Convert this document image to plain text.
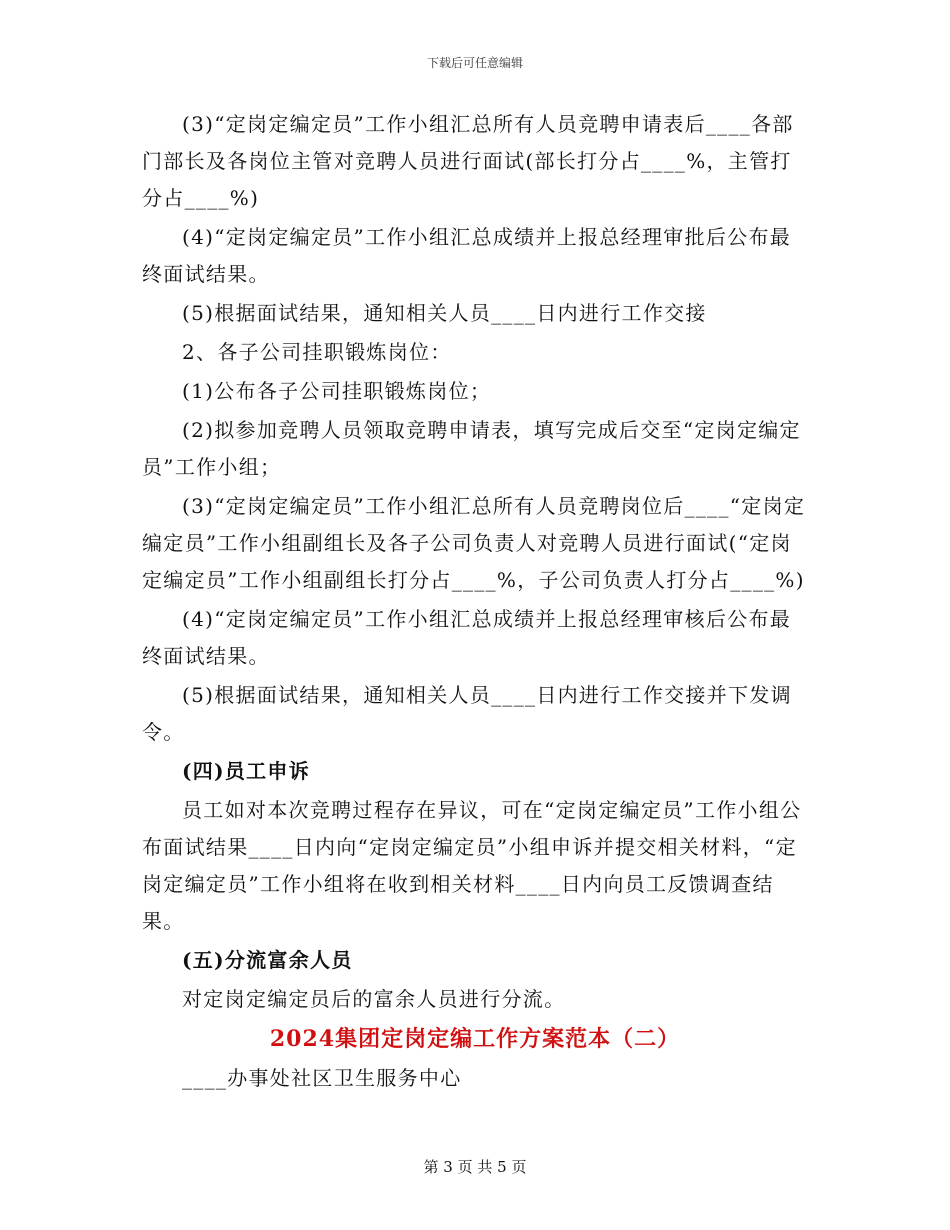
下载后可任意编辑

(3)“定岗定编定员”工作小组汇总所有人员竞聘申请表后____各部门部长及各岗位主管对竞聘人员进行面试(部长打分占____%，主管打分占____%)

(4)“定岗定编定员”工作小组汇总成绩并上报总经理审批后公布最终面试结果。

(5)根据面试结果，通知相关人员____日内进行工作交接

2、各子公司挂职锻炼岗位：

(1)公布各子公司挂职锻炼岗位；

(2)拟参加竞聘人员领取竞聘申请表，填写完成后交至“定岗定编定员”工作小组；

(3)“定岗定编定员”工作小组汇总所有人员竞聘岗位后____“定岗定编定员”工作小组副组长及各子公司负责人对竞聘人员进行面试(“定岗定编定员”工作小组副组长打分占____%，子公司负责人打分占____%)

(4)“定岗定编定员”工作小组汇总成绩并上报总经理审核后公布最终面试结果。

(5)根据面试结果，通知相关人员____日内进行工作交接并下发调令。

(四)员工申诉

员工如对本次竞聘过程存在异议，可在“定岗定编定员”工作小组公布面试结果____日内向“定岗定编定员”小组申诉并提交相关材料，“定岗定编定员”工作小组将在收到相关材料____日内向员工反馈调查结果。

(五)分流富余人员

对定岗定编定员后的富余人员进行分流。

2024集团定岗定编工作方案范本（二）

____办事处社区卫生服务中心

第 3 页 共 5 页
